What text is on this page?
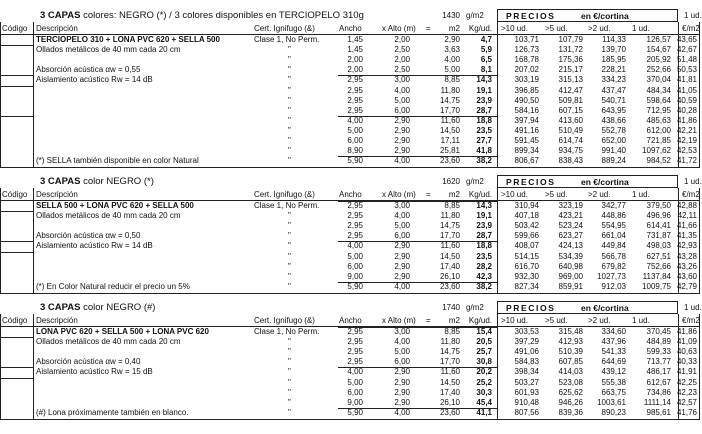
3 CAPAS colores: NEGRO (*) / 3 colores disponibles en TERCIOPELO 310g	1430 g/m2	PRECIOS	en €/cortina	1 ud.
Código Descripción	Cert. Ignifugo (&)	Ancho	x Alto (m) =	m2	Kg/ud. >10 ud. >5 ud.	>2 ud.	1 ud.	€/m2
TERCIOPELO 310 + LONA PVC 620 + SELLA 500	Clase 1, No Perm.	1,45	2,00	2,90	4,7	103,71	107,79	114,33	126,57 43,65
Ollados metálicos de 40 mm cada 20 cm	"	1,45	2,50	3,63	5,9	126,73	131,72	139,70	154,67 42,67
"	2,00	2,00	4,00	6,5	168,78	175,36	185,95	205,92 51,48
Absorción acústica αw = 0,55	"	2,00	2,50	5,00	8,1	207,02	215,17	228,21	252,66 50,53
Aislamiento acústico Rw = 14 dB	"	2,95	3,00	8,85	14,3	303,19	315,13	334,23	370,04 41,81
"	2,95	4,00	11,80	19,1	396,85	412,47	437,47	484,34 41,05
"	2,95	5,00	14,75	23,9	490,50	509,81	540,71	598,64 40,59
"	2,95	6,00	17,70	28,7	584,16	607,15	643,95	712,95 40,28
"	4,00	2,90	11,60	18,8	397,94	413,60	438,66	485,63 41,86
"	5,00	2,90	14,50	23,5	491,16	510,49	552,78	612,00 42,21
"	6,00	2,90	17,11	27,7	591,45	614,74	652,00	721,85 42,19
"	8,90	2,90	25,81	41,8	899,34	934,75	991,40	1097,62 42,53
(*) SELLA también disponible en color Natural	"	5,90	4,00	23,60	38,2	806,67	838,43	889,24	984,52 41,72
3 CAPAS color NEGRO (*)	1620 g/m2	PRECIOS	en €/cortina	1 ud.
Código Descripción	Cert. Ignifugo (&)	Ancho	x Alto (m) =	m2	Kg/ud. >10 ud. >5 ud.	>2 ud.	1 ud.	€/m2
SELLA 500 + LONA PVC 620 + SELLA 500	Clase 1, No Perm.	2,95	3,00	8,85	14,3	310,94	323,19	342,77	379,50 42,88
Ollados metálicos de 40 mm cada 20 cm	"	2,95	4,00	11,80	19,1	407,18	423,21	448,86	496,96 42,11
"	2,95	5,00	14,75	23,9	503,42	523,24	554,95	614,41 41,66
Absorción acústica αw = 0,50	"	2,95	6,00	17,70	28,7	599,66	623,27	661,04	731,87 41,35
Aislamiento acústico Rw = 14 dB	"	4,00	2,90	11,60	18,8	408,07	424,13	449,84	498,03 42,93
"	5,00	2,90	14,50	23,5	514,15	534,39	566,78	627,51 43,28
"	6,00	2,90	17,40	28,2	616,70	640,98	679,82	752,66 43,26
"	9,00	2,90	26,10	42,3	932,30	969,00	1027,73	1137,84 43,60
(*) En Color Natural reducir el precio un 5%	"	5,90	4,00	23,60	38,2	827,34	859,91	912,03	1009,75 42,79
3 CAPAS color NEGRO (#)	1740 g/m2	PRECIOS	en €/cortina	1 ud.
Código Descripción	Cert. Ignifugo (&)	Ancho	x Alto (m) =	m2	Kg/ud. >10 ud. >5 ud.	>2 ud.	1 ud.	€/m2
LONA PVC 620 + SELLA 500 + LONA PVC 620	Clase 1, No Perm.	2,95	3,00	8,85	15,4	303,53	315,48	334,60	370,45 41,86
Ollados metálicos de 40 mm cada 20 cm	"	2,95	4,00	11,80	20,5	397,29	412,93	437,96	484,89 41,09
"	2,95	5,00	14,75	25,7	491,06	510,39	541,33	599,33 40,63
Absorción acústica αw = 0,40	"	2,95	6,00	17,70	30,8	584,83	607,85	644,69	713,77 40,33
Aislamiento acústico Rw = 15 dB	"	4,00	2,90	11,60	20,2	398,34	414,03	439,12	486,17 41,91
"	5,00	2,90	14,50	25,2	503,27	523,08	555,38	612,67 42,25
"	6,00	2,90	17,40	30,3	601,93	625,62	663,75	734,86 42,23
"	9,00	2,90	26,10	45,4	910,48	946,26	1003,61	1111,14 42,57
(#) Lona próximamente también en blanco.	"	5,90	4,00	23,60	41,1	807,56	839,36	890,23	985,61 41,76
